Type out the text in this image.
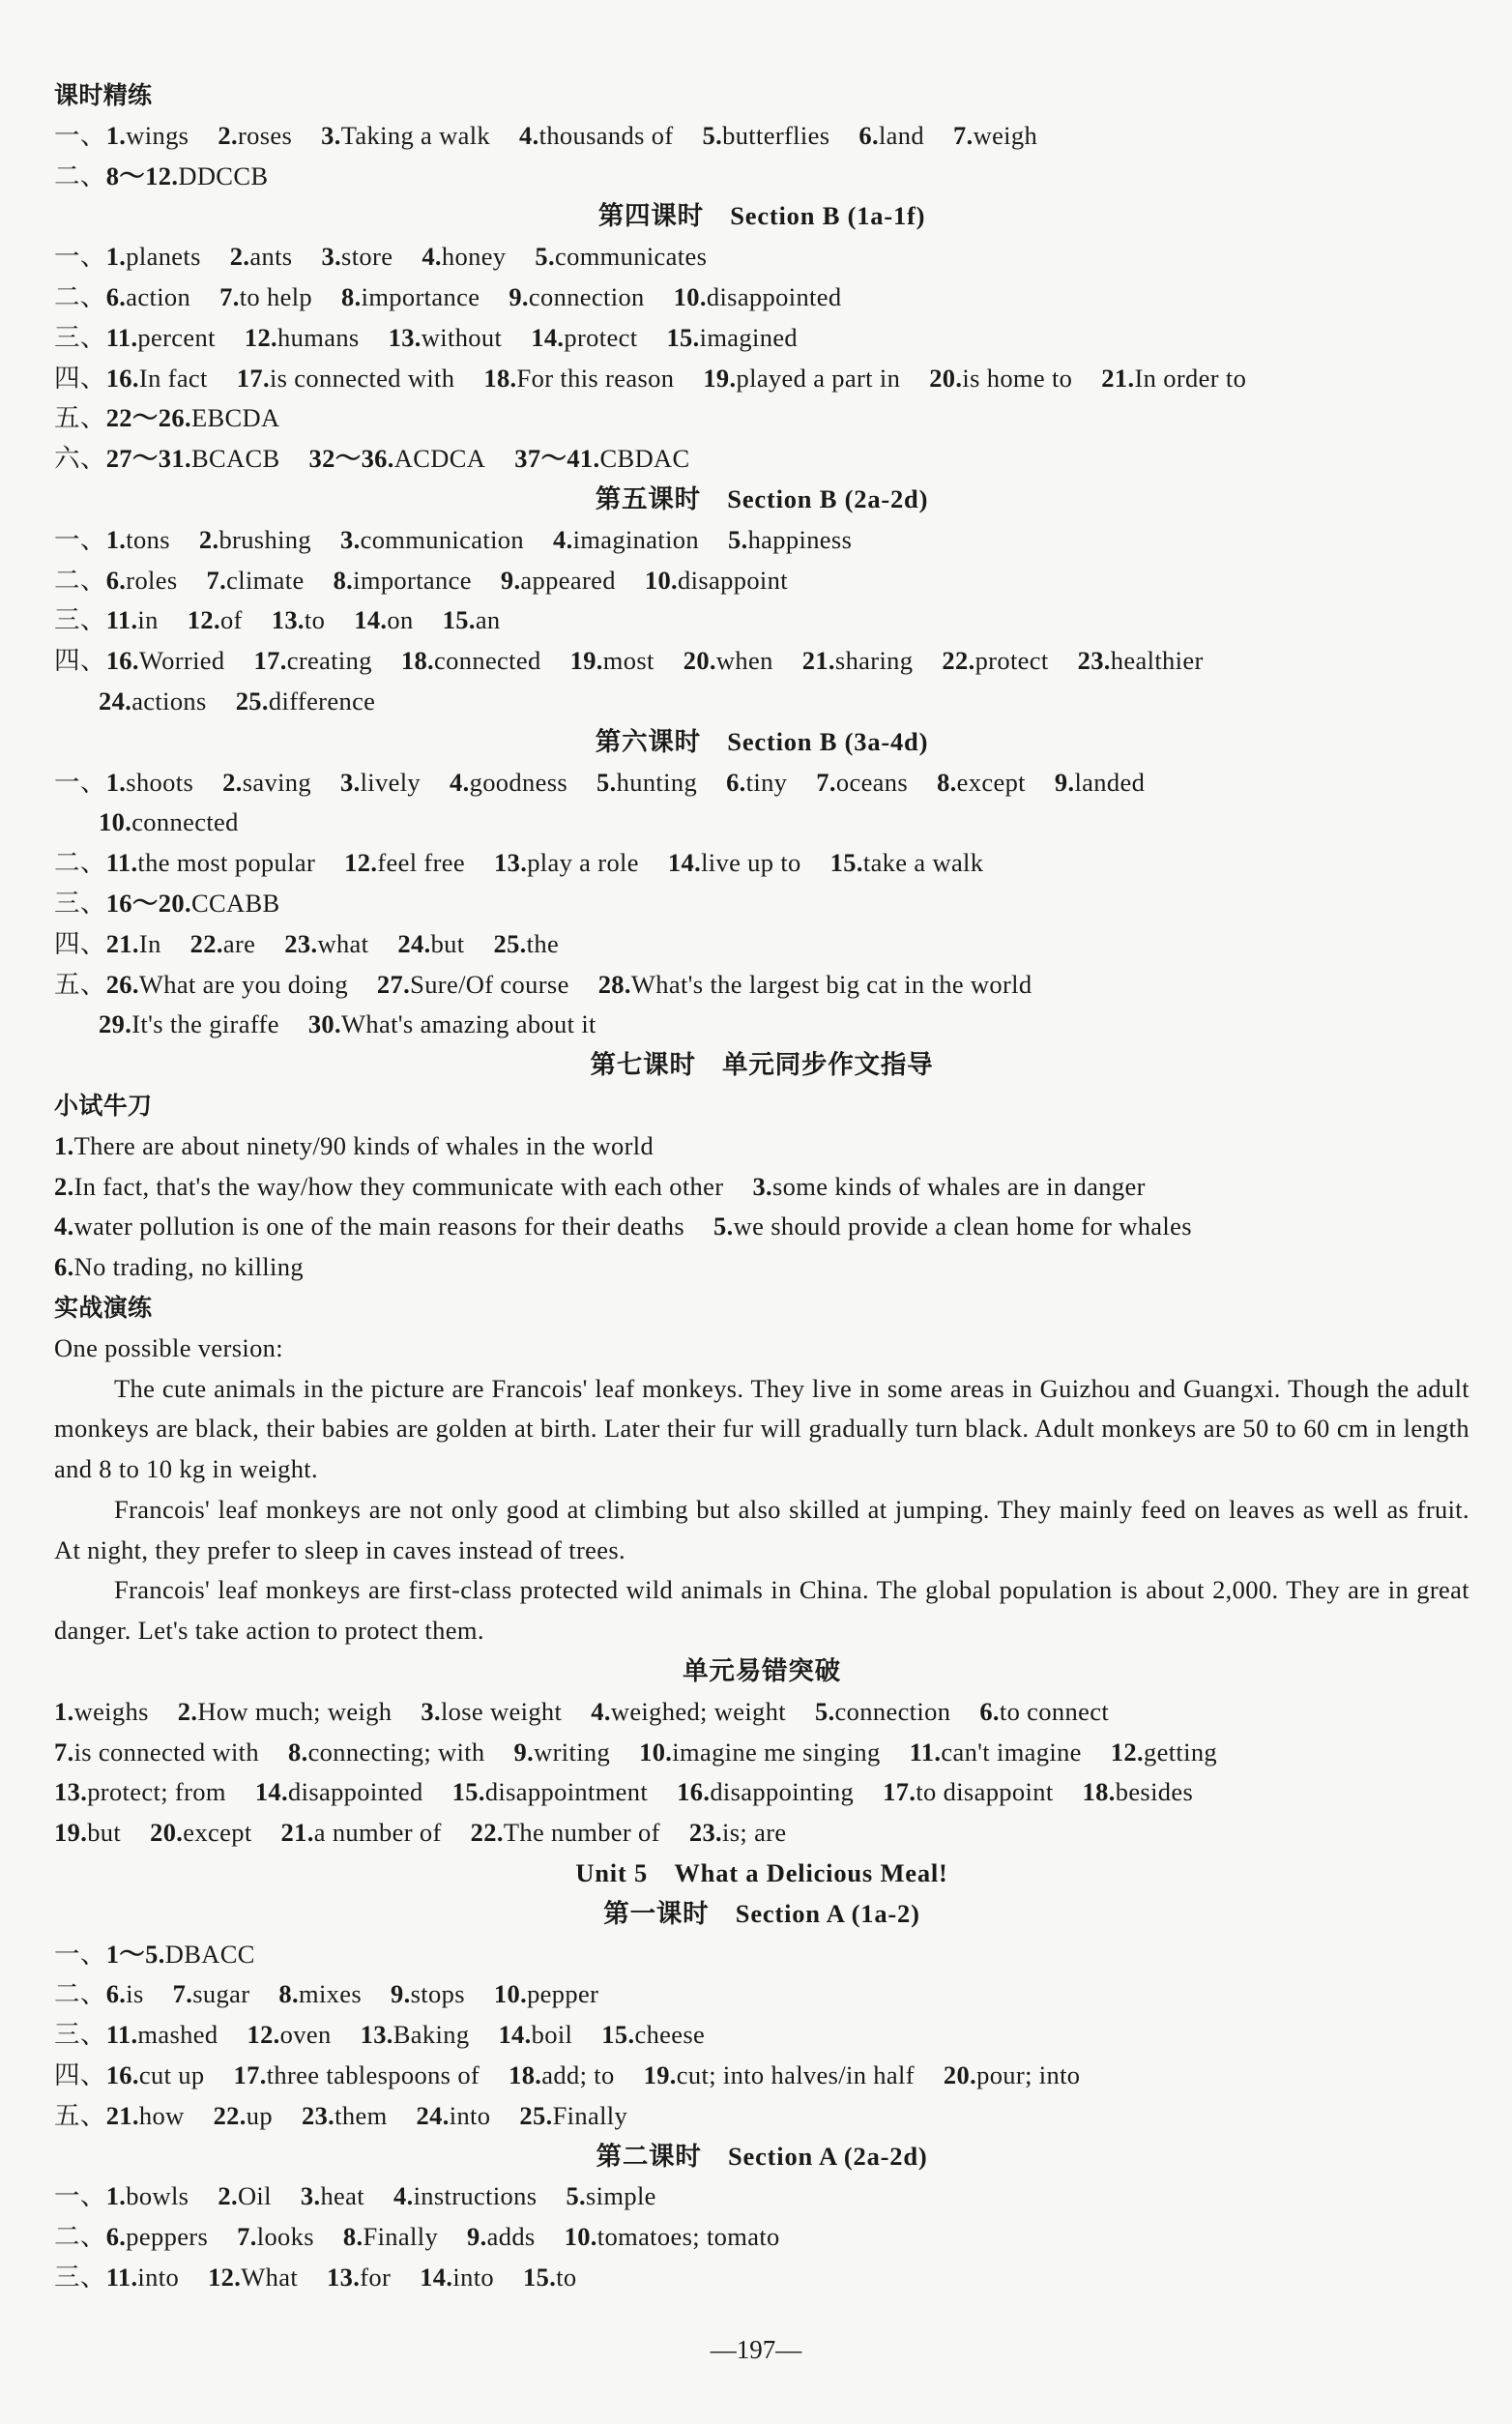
课时精练
一、1.wings 2.roses 3.Taking a walk 4.thousands of 5.butterflies 6.land 7.weigh
二、8～12.DDCCB
第四课时　Section B (1a-1f)
一、1.planets 2.ants 3.store 4.honey 5.communicates
二、6.action 7.to help 8.importance 9.connection 10.disappointed
三、11.percent 12.humans 13.without 14.protect 15.imagined
四、16.In fact 17.is connected with 18.For this reason 19.played a part in 20.is home to 21.In order to
五、22～26.EBCDA
六、27～31.BCACB 32～36.ACDCA 37～41.CBDAC
第五课时　Section B (2a-2d)
一、1.tons 2.brushing 3.communication 4.imagination 5.happiness
二、6.roles 7.climate 8.importance 9.appeared 10.disappoint
三、11.in 12.of 13.to 14.on 15.an
四、16.Worried 17.creating 18.connected 19.most 20.when 21.sharing 22.protect 23.healthier
24.actions 25.difference
第六课时　Section B (3a-4d)
一、1.shoots 2.saving 3.lively 4.goodness 5.hunting 6.tiny 7.oceans 8.except 9.landed
10.connected
二、11.the most popular 12.feel free 13.play a role 14.live up to 15.take a walk
三、16～20.CCABB
四、21.In 22.are 23.what 24.but 25.the
五、26.What are you doing 27.Sure/Of course 28.What's the largest big cat in the world
29.It's the giraffe 30.What's amazing about it
第七课时　单元同步作文指导
小试牛刀
1.There are about ninety/90 kinds of whales in the world
2.In fact, that's the way/how they communicate with each other 3.some kinds of whales are in danger
4.water pollution is one of the main reasons for their deaths 5.we should provide a clean home for whales
6.No trading, no killing
实战演练
One possible version:
The cute animals in the picture are Francois' leaf monkeys. They live in some areas in Guizhou and Guangxi. Though the adult monkeys are black, their babies are golden at birth. Later their fur will gradually turn black. Adult monkeys are 50 to 60 cm in length and 8 to 10 kg in weight.
Francois' leaf monkeys are not only good at climbing but also skilled at jumping. They mainly feed on leaves as well as fruit. At night, they prefer to sleep in caves instead of trees.
Francois' leaf monkeys are first-class protected wild animals in China. The global population is about 2,000. They are in great danger. Let's take action to protect them.
单元易错突破
1.weighs 2.How much; weigh 3.lose weight 4.weighed; weight 5.connection 6.to connect
7.is connected with 8.connecting; with 9.writing 10.imagine me singing 11.can't imagine 12.getting
13.protect; from 14.disappointed 15.disappointment 16.disappointing 17.to disappoint 18.besides
19.but 20.except 21.a number of 22.The number of 23.is; are
Unit 5　What a Delicious Meal!
第一课时　Section A (1a-2)
一、1～5.DBACC
二、6.is 7.sugar 8.mixes 9.stops 10.pepper
三、11.mashed 12.oven 13.Baking 14.boil 15.cheese
四、16.cut up 17.three tablespoons of 18.add; to 19.cut; into halves/in half 20.pour; into
五、21.how 22.up 23.them 24.into 25.Finally
第二课时　Section A (2a-2d)
一、1.bowls 2.Oil 3.heat 4.instructions 5.simple
二、6.peppers 7.looks 8.Finally 9.adds 10.tomatoes; tomato
三、11.into 12.What 13.for 14.into 15.to
—197—
